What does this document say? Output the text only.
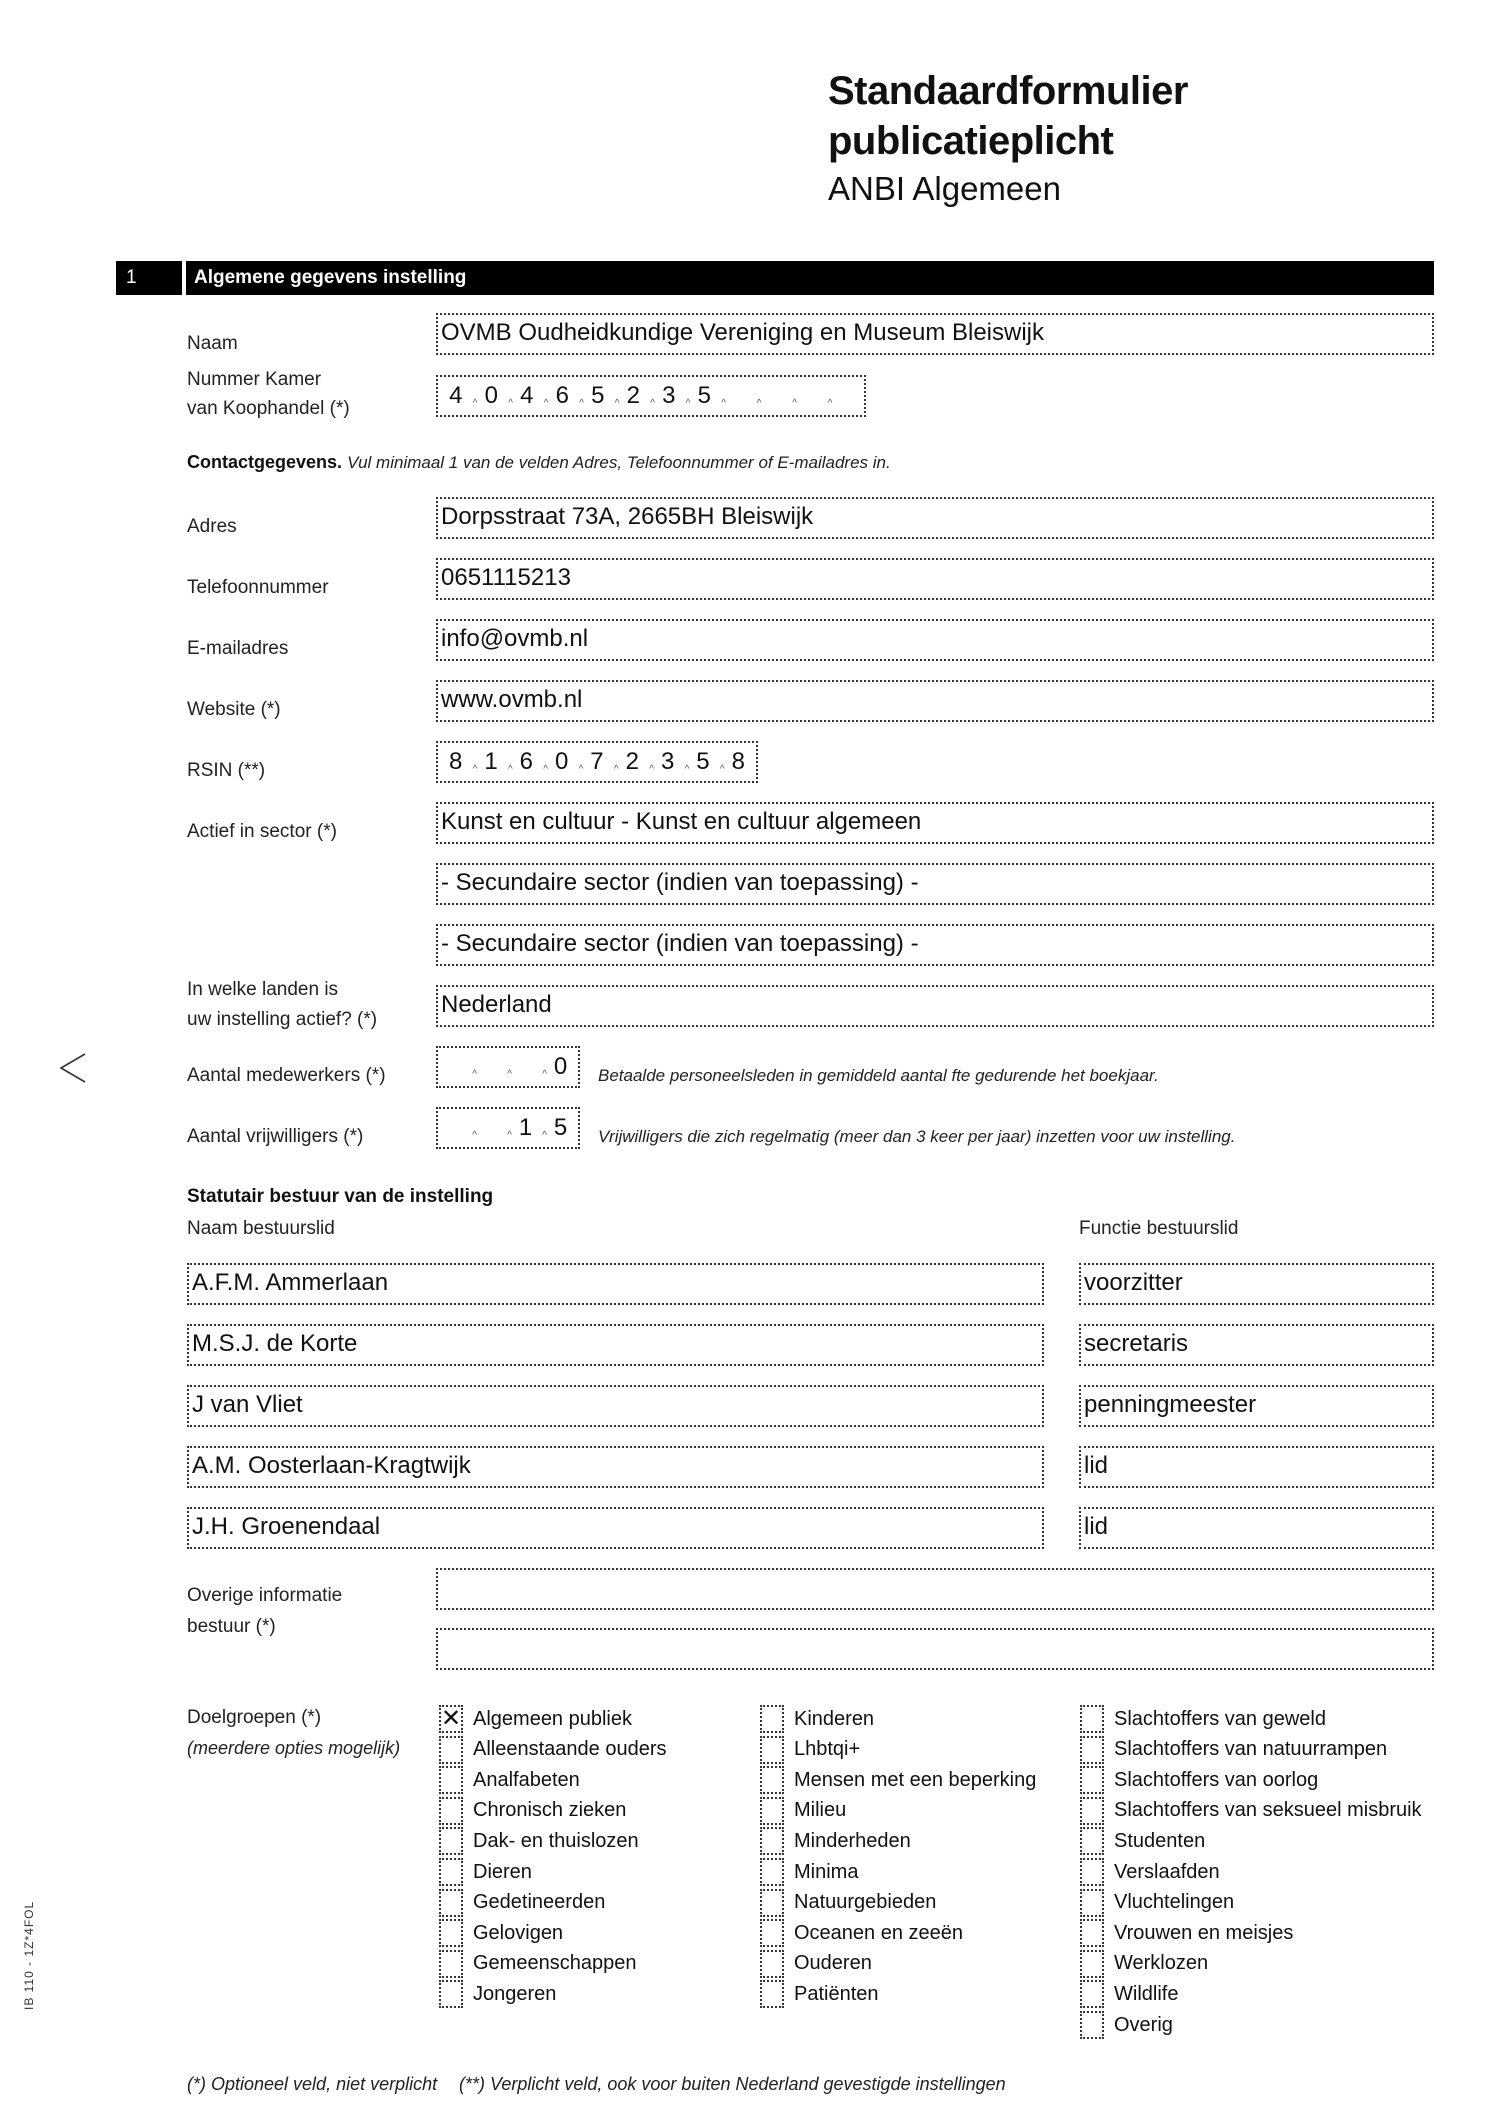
Standaardformulier
publicatieplicht
ANBI Algemeen
1	Algemene gegevens instelling
Naam	OVMB Oudheidkundige Vereniging en Museum Bleiswijk
Nummer Kamer
van Koophandel (*)	4 ^ 0 ^ 4 ^ 6 ^ 5 ^ 2 ^ 3 ^ 5 ^
^
^
^
Contactgegevens. Vul minimaal 1 van de velden Adres, Telefoonnummer of E-mailadres in.
Adres	Dorpsstraat 73A, 2665BH Bleiswijk
Telefoonnummer	0651115213
E-mailadres	info@ovmb.nl
Website (*)	www.ovmb.nl
RSIN (**)	8 ^ 1 ^ 6 ^ 0 ^ 7 ^ 2 ^ 3 ^ 5 ^ 8
Actief in sector (*)	Kunst en cultuur - Kunst en cultuur algemeen
- Secundaire sector (indien van toepassing) -
- Secundaire sector (indien van toepassing) -
In welke landen is
uw instelling actief? (*)
Nederland
Aantal medewerkers (*) ^ ^ ^	0	Betaalde personeelsleden in gemiddeld aantal fte gedurende het boekjaar.
Aantal vrijwilligers (*) ^ ^	1 ^ 5	Vrijwilligers die zich regelmatig (meer dan 3 keer per jaar) inzetten voor uw instelling.
Statutair bestuur van de instelling
Naam bestuurslid	Functie bestuurslid
A.F.M. Ammerlaan	voorzitter
M.S.J. de Korte	secretaris
J van Vliet	penningmeester
A.M. Oosterlaan-Kragtwijk	lid
J.H. Groenendaal	lid
Overige informatie
bestuur (*)
Doelgroepen (*)
(meerdere opties mogelijk)
✕ Algemeen publiek
Alleenstaande ouders
Analfabeten
Chronisch zieken
Dak- en thuislozen
Dieren
Gedetineerden
Gelovigen
Gemeenschappen
Jongeren
Kinderen
Lhbtqi+
Mensen met een beperking
Milieu
Minderheden
Minima
Natuurgebieden
Oceanen en zeeën
Ouderen
Patiënten
Slachtoffers van geweld
Slachtoffers van natuurrampen
Slachtoffers van oorlog
Slachtoffers van seksueel misbruik
Studenten
Verslaafden
Vluchtelingen
Vrouwen en meisjes
Werklozen
Wildlife
Overig
(*) Optioneel veld, niet verplicht (**) Verplicht veld, ook voor buiten Nederland gevestigde instellingen
IB 110 - 1Z*4FOL
